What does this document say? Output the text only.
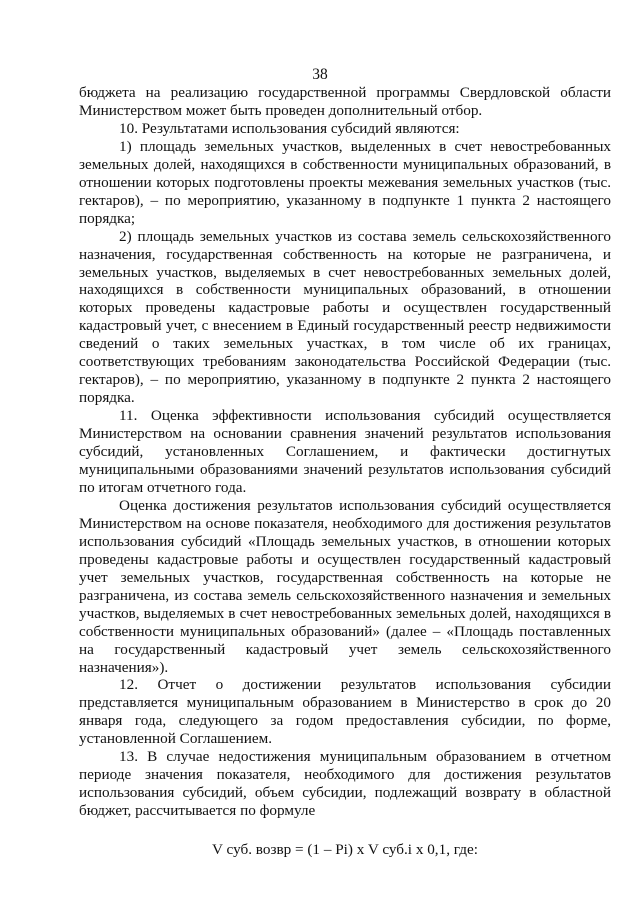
38

бюджета на реализацию государственной программы Свердловской области Министерством может быть проведен дополнительный отбор.

10. Результатами использования субсидий являются:

1) площадь земельных участков, выделенных в счет невостребованных земельных долей, находящихся в собственности муниципальных образований, в отношении которых подготовлены проекты межевания земельных участков (тыс. гектаров), – по мероприятию, указанному в подпункте 1 пункта 2 настоящего порядка;

2) площадь земельных участков из состава земель сельскохозяйственного назначения, государственная собственность на которые не разграничена, и земельных участков, выделяемых в счет невостребованных земельных долей, находящихся в собственности муниципальных образований, в отношении которых проведены кадастровые работы и осуществлен государственный кадастровый учет, с внесением в Единый государственный реестр недвижимости сведений о таких земельных участках, в том числе об их границах, соответствующих требованиям законодательства Российской Федерации (тыс. гектаров), – по мероприятию, указанному в подпункте 2 пункта 2 настоящего порядка.

11. Оценка эффективности использования субсидий осуществляется Министерством на основании сравнения значений результатов использования субсидий, установленных Соглашением, и фактически достигнутых муниципальными образованиями значений результатов использования субсидий по итогам отчетного года.

Оценка достижения результатов использования субсидий осуществляется Министерством на основе показателя, необходимого для достижения результатов использования субсидий «Площадь земельных участков, в отношении которых проведены кадастровые работы и осуществлен государственный кадастровый учет земельных участков, государственная собственность на которые не разграничена, из состава земель сельскохозяйственного назначения и земельных участков, выделяемых в счет невостребованных земельных долей, находящихся в собственности муниципальных образований» (далее – «Площадь поставленных на государственный кадастровый учет земель сельскохозяйственного назначения»).

12. Отчет о достижении результатов использования субсидии представляется муниципальным образованием в Министерство в срок до 20 января года, следующего за годом предоставления субсидии, по форме, установленной Соглашением.

13. В случае недостижения муниципальным образованием в отчетном периоде значения показателя, необходимого для достижения результатов использования субсидий, объем субсидии, подлежащий возврату в областной бюджет, рассчитывается по формуле

V суб. возвр = (1 – Pi) x V суб.i x 0,1, где:
